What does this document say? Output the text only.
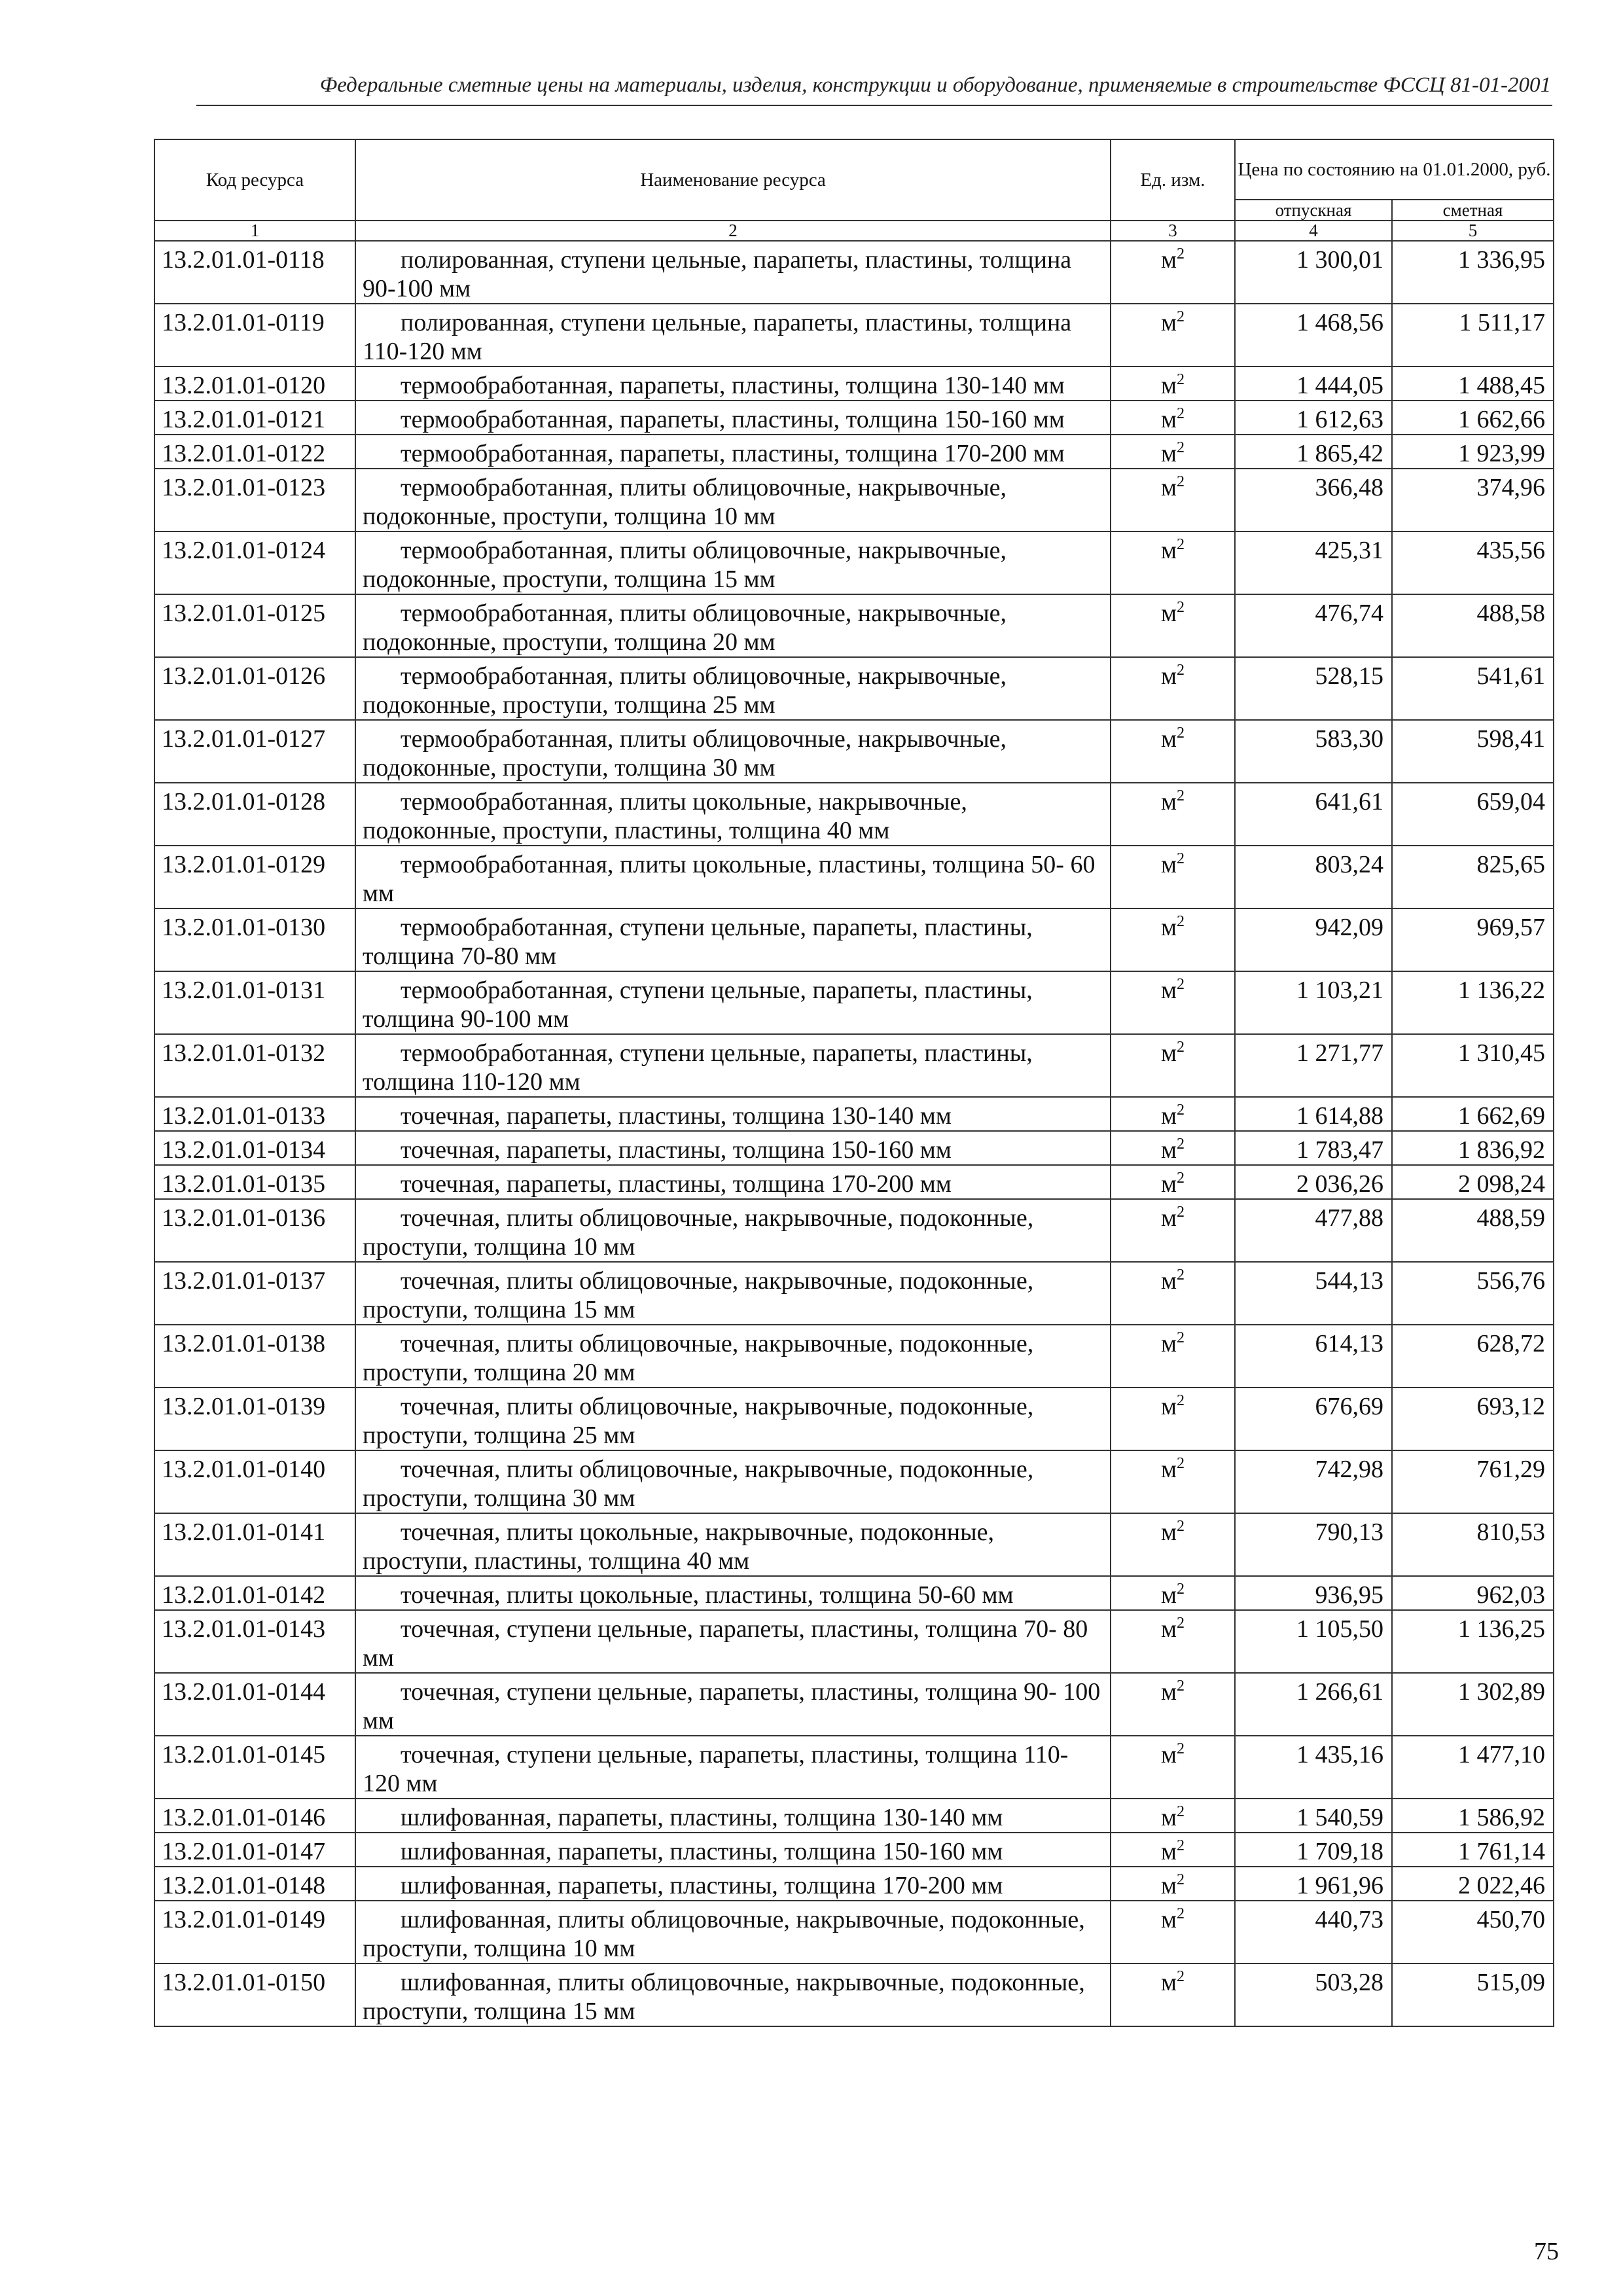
Федеральные сметные цены на материалы, изделия, конструкции и оборудование, применяемые в строительстве ФССЦ 81-01-2001
Код ресурса	Наименование ресурса	Ед. изм.	Цена по состоянию на 01.01.2000, руб.	
			отпускная	сметная
1	2	3	4	5
13.2.01.01-0118	полированная, ступени цельные, парапеты, пластины, толщина 90-100 мм	$м^2$	1 300,01	1 336,95
13.2.01.01-0119	полированная, ступени цельные, парапеты, пластины, толщина 110-120 мм	$м^2$	1 468,56	1 511,17
13.2.01.01-0120	термообработанная, парапеты, пластины, толщина 130-140 мм	$м^2$	1 444,05	1 488,45
13.2.01.01-0121	термообработанная, парапеты, пластины, толщина 150-160 мм	$м^2$	1 612,63	1 662,66
13.2.01.01-0122	термообработанная, парапеты, пластины, толщина 170-200 мм	$м^2$	1 865,42	1 923,99
13.2.01.01-0123	термообработанная, плиты облицовочные, накрывочные, подоконные, проступи, толщина 10 мм	$м^2$	366,48	374,96
13.2.01.01-0124	термообработанная, плиты облицовочные, накрывочные, подоконные, проступи, толщина 15 мм	$м^2$	425,31	435,56
13.2.01.01-0125	термообработанная, плиты облицовочные, накрывочные, подоконные, проступи, толщина 20 мм	$м^2$	476,74	488,58
13.2.01.01-0126	термообработанная, плиты облицовочные, накрывочные, подоконные, проступи, толщина 25 мм	$м^2$	528,15	541,61
13.2.01.01-0127	термообработанная, плиты облицовочные, накрывочные, подоконные, проступи, толщина 30 мм	$м^2$	583,30	598,41
13.2.01.01-0128	термообработанная, плиты цокольные, накрывочные, подоконные, проступи, пластины, толщина 40 мм	$м^2$	641,61	659,04
13.2.01.01-0129	термообработанная, плиты цокольные, пластины, толщина 50- 60 мм	$м^2$	803,24	825,65
13.2.01.01-0130	термообработанная, ступени цельные, парапеты, пластины, толщина 70-80 мм	$м^2$	942,09	969,57
13.2.01.01-0131	термообработанная, ступени цельные, парапеты, пластины, толщина 90-100 мм	$м^2$	1 103,21	1 136,22
13.2.01.01-0132	термообработанная, ступени цельные, парапеты, пластины, толщина 110-120 мм	$м^2$	1 271,77	1 310,45
13.2.01.01-0133	точечная, парапеты, пластины, толщина 130-140 мм	$м^2$	1 614,88	1 662,69
13.2.01.01-0134	точечная, парапеты, пластины, толщина 150-160 мм	$м^2$	1 783,47	1 836,92
13.2.01.01-0135	точечная, парапеты, пластины, толщина 170-200 мм	$м^2$	2 036,26	2 098,24
13.2.01.01-0136	точечная, плиты облицовочные, накрывочные, подоконные, проступи, толщина 10 мм	$м^2$	477,88	488,59
13.2.01.01-0137	точечная, плиты облицовочные, накрывочные, подоконные, проступи, толщина 15 мм	$м^2$	544,13	556,76
13.2.01.01-0138	точечная, плиты облицовочные, накрывочные, подоконные, проступи, толщина 20 мм	$м^2$	614,13	628,72
13.2.01.01-0139	точечная, плиты облицовочные, накрывочные, подоконные, проступи, толщина 25 мм	$м^2$	676,69	693,12
13.2.01.01-0140	точечная, плиты облицовочные, накрывочные, подоконные, проступи, толщина 30 мм	$м^2$	742,98	761,29
13.2.01.01-0141	точечная, плиты цокольные, накрывочные, подоконные, проступи, пластины, толщина 40 мм	$м^2$	790,13	810,53
13.2.01.01-0142	точечная, плиты цокольные, пластины, толщина 50-60 мм	$м^2$	936,95	962,03
13.2.01.01-0143	точечная, ступени цельные, парапеты, пластины, толщина 70- 80 мм	$м^2$	1 105,50	1 136,25
13.2.01.01-0144	точечная, ступени цельные, парапеты, пластины, толщина 90- 100 мм	$м^2$	1 266,61	1 302,89
13.2.01.01-0145	точечная, ступени цельные, парапеты, пластины, толщина 110- 120 мм	$м^2$	1 435,16	1 477,10
13.2.01.01-0146	шлифованная, парапеты, пластины, толщина 130-140 мм	$м^2$	1 540,59	1 586,92
13.2.01.01-0147	шлифованная, парапеты, пластины, толщина 150-160 мм	$м^2$	1 709,18	1 761,14
13.2.01.01-0148	шлифованная, парапеты, пластины, толщина 170-200 мм	$м^2$	1 961,96	2 022,46
13.2.01.01-0149	шлифованная, плиты облицовочные, накрывочные, подоконные, проступи, толщина 10 мм	$м^2$	440,73	450,70
13.2.01.01-0150	шлифованная, плиты облицовочные, накрывочные, подоконные, проступи, толщина 15 мм	$м^2$	503,28	515,09
75
